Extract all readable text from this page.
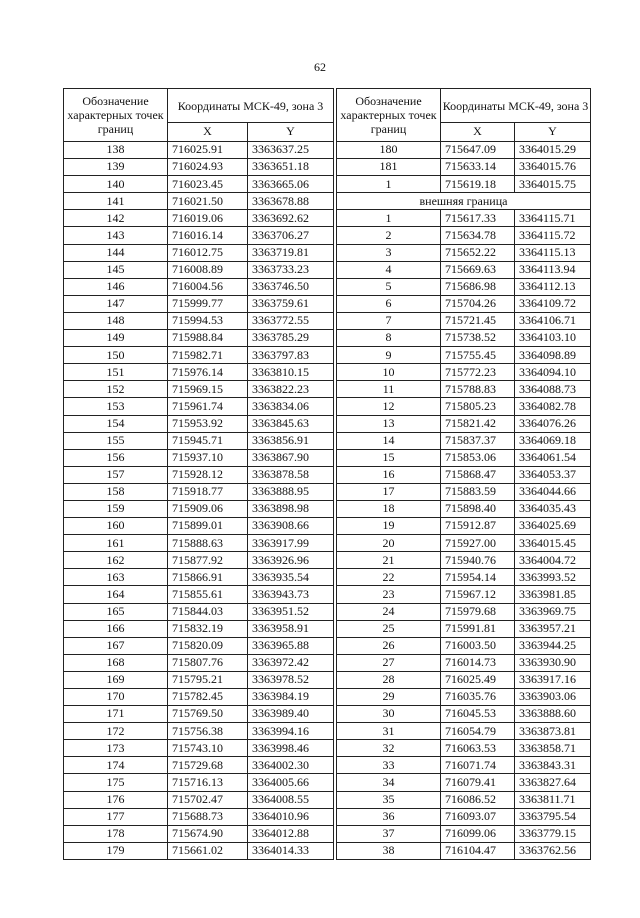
62
Обозначение характерных точек границ	Координаты МСК-49, зона 3	
	X	Y
138	716025.91	3363637.25
139	716024.93	3363651.18
140	716023.45	3363665.06
141	716021.50	3363678.88
142	716019.06	3363692.62
143	716016.14	3363706.27
144	716012.75	3363719.81
145	716008.89	3363733.23
146	716004.56	3363746.50
147	715999.77	3363759.61
148	715994.53	3363772.55
149	715988.84	3363785.29
150	715982.71	3363797.83
151	715976.14	3363810.15
152	715969.15	3363822.23
153	715961.74	3363834.06
154	715953.92	3363845.63
155	715945.71	3363856.91
156	715937.10	3363867.90
157	715928.12	3363878.58
158	715918.77	3363888.95
159	715909.06	3363898.98
160	715899.01	3363908.66
161	715888.63	3363917.99
162	715877.92	3363926.96
163	715866.91	3363935.54
164	715855.61	3363943.73
165	715844.03	3363951.52
166	715832.19	3363958.91
167	715820.09	3363965.88
168	715807.76	3363972.42
169	715795.21	3363978.52
170	715782.45	3363984.19
171	715769.50	3363989.40
172	715756.38	3363994.16
173	715743.10	3363998.46
174	715729.68	3364002.30
175	715716.13	3364005.66
176	715702.47	3364008.55
177	715688.73	3364010.96
178	715674.90	3364012.88
179	715661.02	3364014.33
Обозначение характерных точек границ	Координаты МСК-49, зона 3	
	X	Y
180	715647.09	3364015.29
181	715633.14	3364015.76
1	715619.18	3364015.75
внешняя граница		
1	715617.33	3364115.71
2	715634.78	3364115.72
3	715652.22	3364115.13
4	715669.63	3364113.94
5	715686.98	3364112.13
6	715704.26	3364109.72
7	715721.45	3364106.71
8	715738.52	3364103.10
9	715755.45	3364098.89
10	715772.23	3364094.10
11	715788.83	3364088.73
12	715805.23	3364082.78
13	715821.42	3364076.26
14	715837.37	3364069.18
15	715853.06	3364061.54
16	715868.47	3364053.37
17	715883.59	3364044.66
18	715898.40	3364035.43
19	715912.87	3364025.69
20	715927.00	3364015.45
21	715940.76	3364004.72
22	715954.14	3363993.52
23	715967.12	3363981.85
24	715979.68	3363969.75
25	715991.81	3363957.21
26	716003.50	3363944.25
27	716014.73	3363930.90
28	716025.49	3363917.16
29	716035.76	3363903.06
30	716045.53	3363888.60
31	716054.79	3363873.81
32	716063.53	3363858.71
33	716071.74	3363843.31
34	716079.41	3363827.64
35	716086.52	3363811.71
36	716093.07	3363795.54
37	716099.06	3363779.15
38	716104.47	3363762.56
